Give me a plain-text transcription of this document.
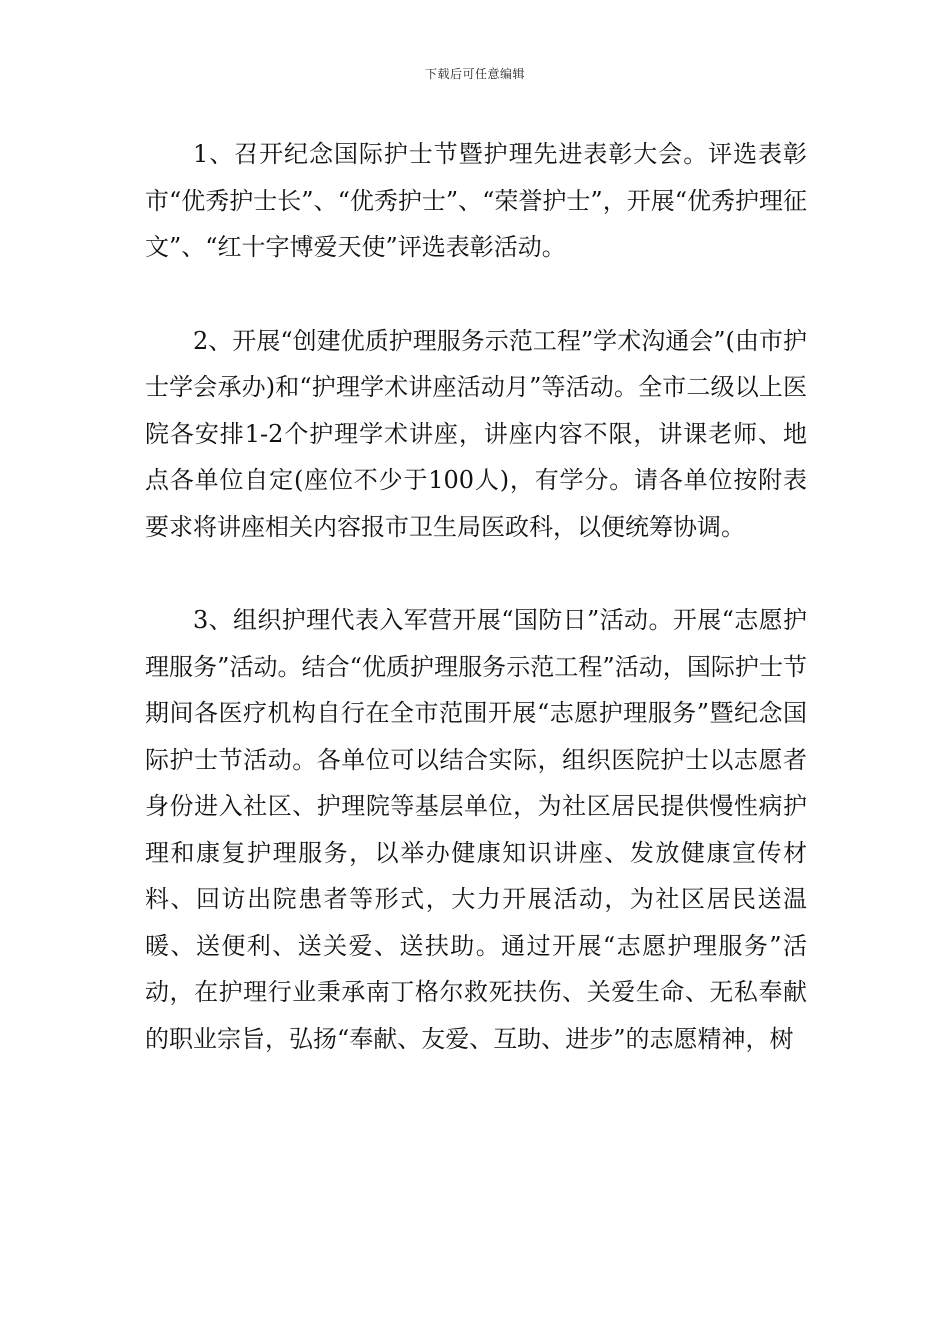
下载后可任意编辑

1、召开纪念国际护士节暨护理先进表彰大会。评选表彰市“优秀护士长”、“优秀护士”、“荣誉护士”，开展“优秀护理征文”、“红十字博爱天使”评选表彰活动。

2、开展“创建优质护理服务示范工程”学术沟通会”(由市护士学会承办)和“护理学术讲座活动月”等活动。全市二级以上医院各安排1-2个护理学术讲座，讲座内容不限，讲课老师、地点各单位自定(座位不少于100人)，有学分。请各单位按附表要求将讲座相关内容报市卫生局医政科，以便统筹协调。

3、组织护理代表入军营开展“国防日”活动。开展“志愿护理服务”活动。结合“优质护理服务示范工程”活动，国际护士节期间各医疗机构自行在全市范围开展“志愿护理服务”暨纪念国际护士节活动。各单位可以结合实际，组织医院护士以志愿者身份进入社区、护理院等基层单位，为社区居民提供慢性病护理和康复护理服务，以举办健康知识讲座、发放健康宣传材料、回访出院患者等形式，大力开展活动，为社区居民送温暖、送便利、送关爱、送扶助。通过开展“志愿护理服务”活动，在护理行业秉承南丁格尔救死扶伤、关爱生命、无私奉献的职业宗旨，弘扬“奉献、友爱、互助、进步”的志愿精神，树
